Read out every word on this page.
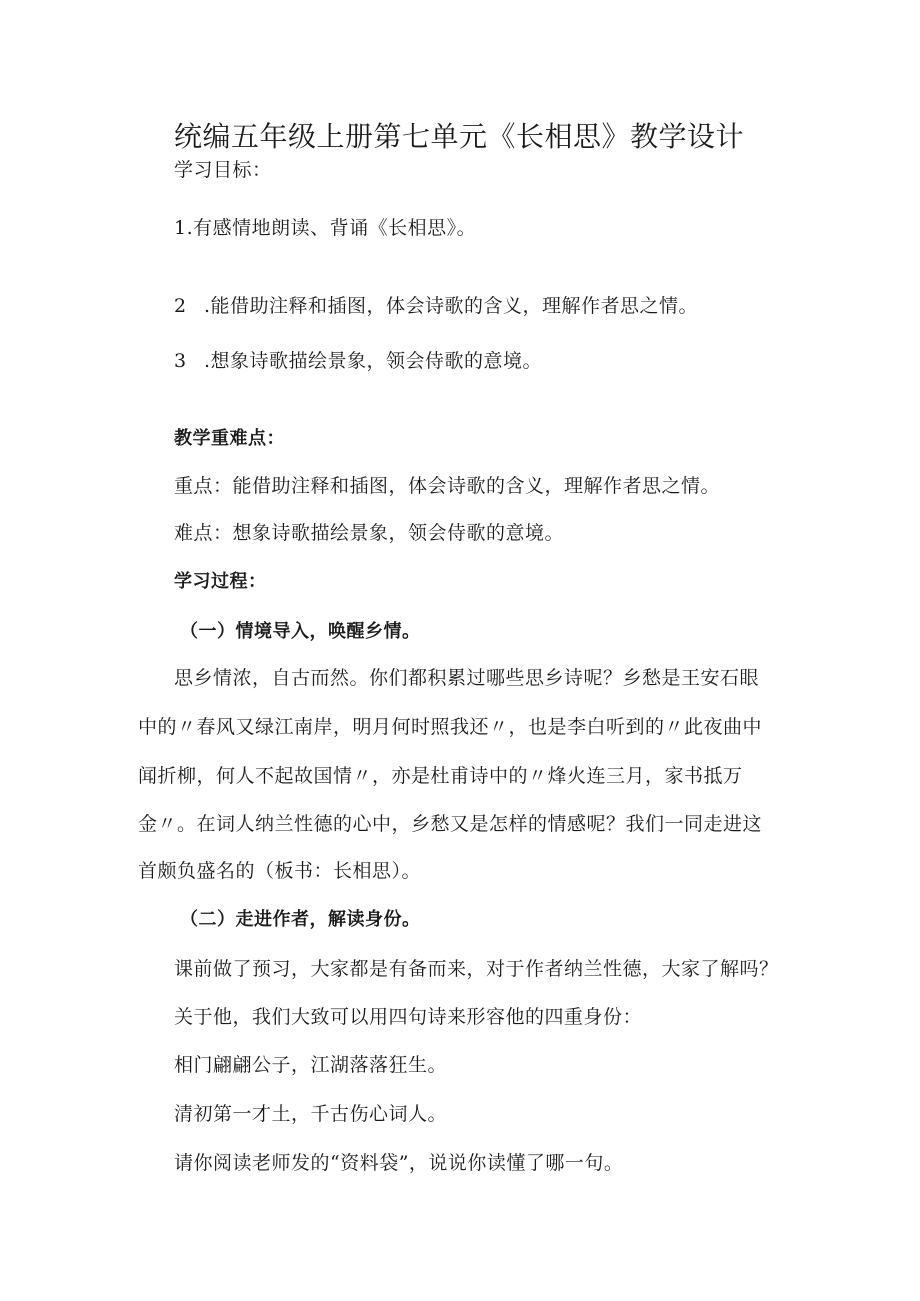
统编五年级上册第七单元《长相思》教学设计
学习目标：
1.有感情地朗读、背诵《长相思》。
2 .能借助注释和插图，体会诗歌的含义，理解作者思之情。
3 .想象诗歌描绘景象，领会侍歌的意境。
教学重难点：
重点：能借助注释和插图，体会诗歌的含义，理解作者思之情。
难点：想象诗歌描绘景象，领会侍歌的意境。
学习过程：
（一）情境导入，唤醒乡情。
思乡情浓，自古而然。你们都积累过哪些思乡诗呢？乡愁是王安石眼
中的〃春风又绿江南岸，明月何时照我还〃，也是李白听到的〃此夜曲中
闻折柳，何人不起故国情〃，亦是杜甫诗中的〃烽火连三月，家书抵万
金〃。在词人纳兰性德的心中，乡愁又是怎样的情感呢？我们一同走进这
首颇负盛名的（板书：长相思）。
（二）走进作者，解读身份。
课前做了预习，大家都是有备而来，对于作者纳兰性德，大家了解吗？
关于他，我们大致可以用四句诗来形容他的四重身份：
相门翩翩公子，江湖落落狂生。
清初第一才土，千古伤心词人。
请你阅读老师发的“资料袋”，说说你读懂了哪一句。
